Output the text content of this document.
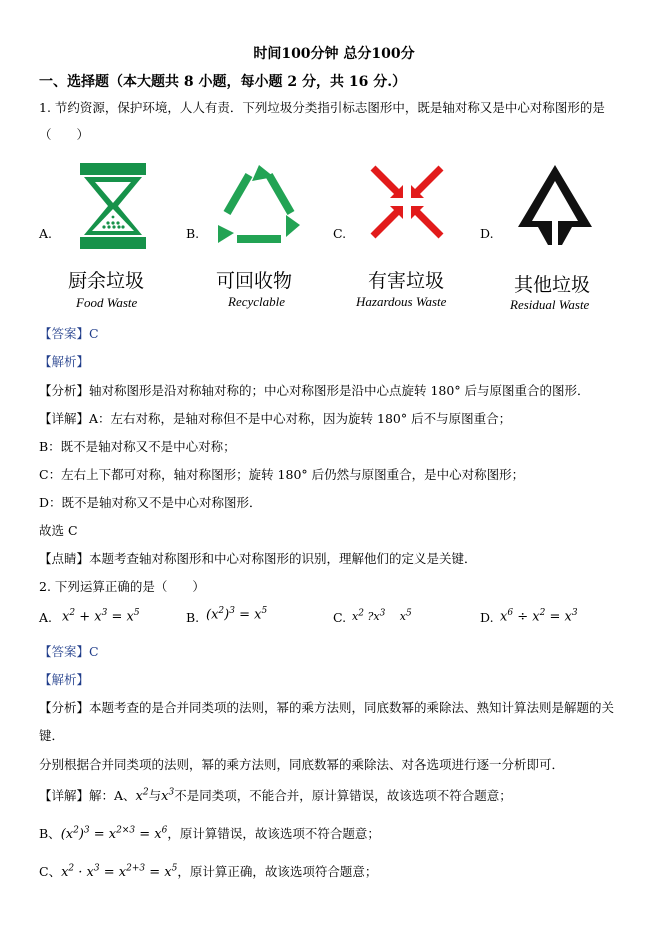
时间100分钟 总分100分
一、选择题（本大题共 8 小题，每小题 2 分，共 16 分.）
1. 节约资源，保护环境，人人有责．下列垃圾分类指引标志图形中，既是轴对称又是中心对称图形的是
（　　）
A.
厨余垃圾
Food Waste
B.
可回收物
Recyclable
C.
有害垃圾
Hazardous Waste
D.
其他垃圾
Residual Waste
【答案】C
【解析】
【分析】轴对称图形是沿对称轴对称的；中心对称图形是沿中心点旋转 180° 后与原图重合的图形．
【详解】A：左右对称，是轴对称但不是中心对称，因为旋转 180° 后不与原图重合；
B：既不是轴对称又不是中心对称；
C：左右上下都可对称，轴对称图形；旋转 180° 后仍然与原图重合，是中心对称图形；
D：既不是轴对称又不是中心对称图形．
故选 C
【点睛】本题考查轴对称图形和中心对称图形的识别，理解他们的定义是关键．
2. 下列运算正确的是（　　）
A. $x^2 + x^3 = x^5$	B. $(x^2)^3 = x^5$	C. $x^2$ $?x^3$　 $x^5$	D. $x^6 \div x^2 = x^3$
【答案】C
【解析】
【分析】本题考查的是合并同类项的法则，幂的乘方法则，同底数幂的乘除法、熟知计算法则是解题的关
键．
分别根据合并同类项的法则，幂的乘方法则，同底数幂的乘除法、对各选项进行逐一分析即可．
【详解】解：A、$x^2$与$x^3$不是同类项，不能合并，原计算错误，故该选项不符合题意；
B、$(x^2)^3 = x^{2\times 3} = x^6$，原计算错误，故该选项不符合题意；
C、$x^2 \cdot x^3 = x^{2+3} = x^5$，原计算正确，故该选项符合题意；
